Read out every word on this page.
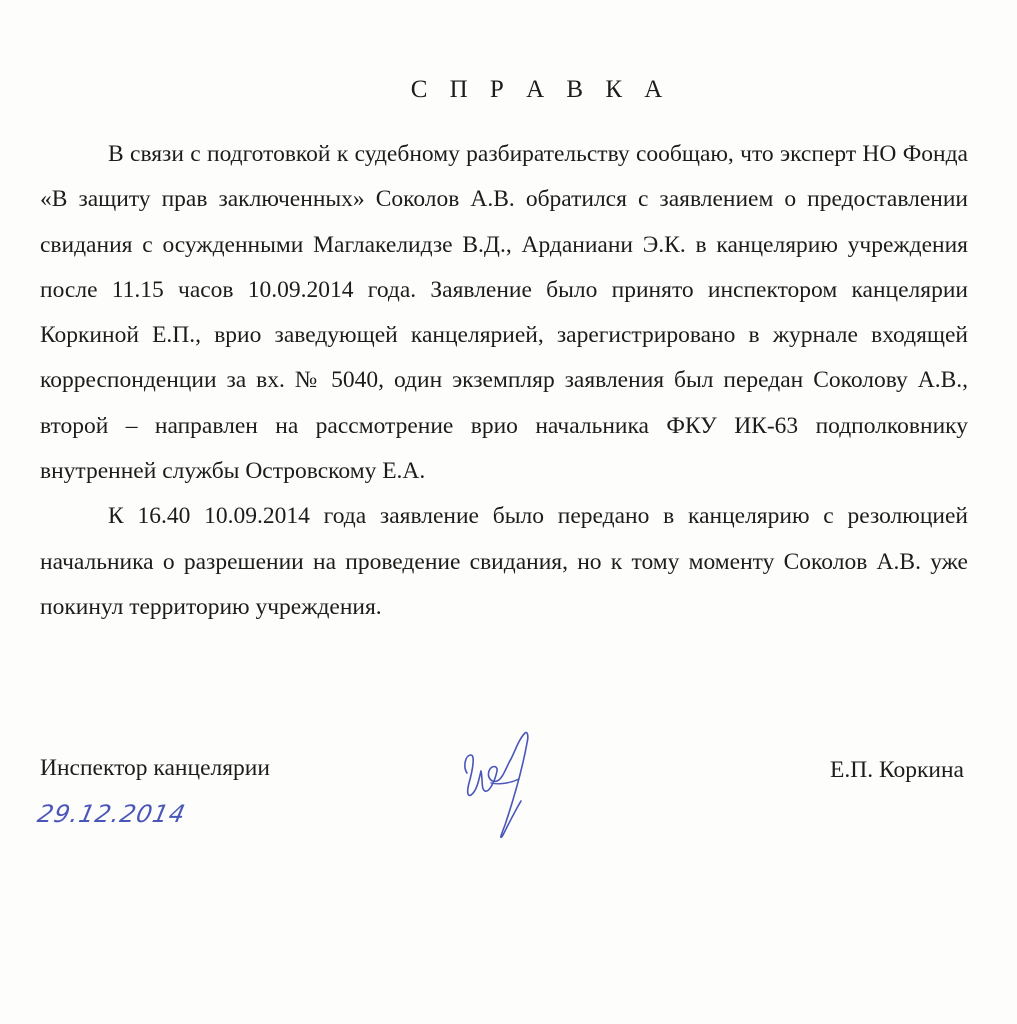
С П Р А В К А

В связи с подготовкой к судебному разбирательству сообщаю, что эксперт НО Фонда «В защиту прав заключенных» Соколов А.В. обратился с заявлением о предоставлении свидания с осужденными Маглакелидзе В.Д., Арданиани Э.К. в канцелярию учреждения после 11.15 часов 10.09.2014 года. Заявление было принято инспектором канцелярии Коркиной Е.П., врио заведующей канцелярией, зарегистрировано в журнале входящей корреспонденции за вх. № 5040, один экземпляр заявления был передан Соколову А.В., второй – направлен на рассмотрение врио начальника ФКУ ИК-63 подполковнику внутренней службы Островскому Е.А.

К 16.40 10.09.2014 года заявление было передано в канцелярию с резолюцией начальника о разрешении на проведение свидания, но к тому моменту Соколов А.В. уже покинул территорию учреждения.

Инспектор канцелярии	Е.П. Коркина
29.12.2014
